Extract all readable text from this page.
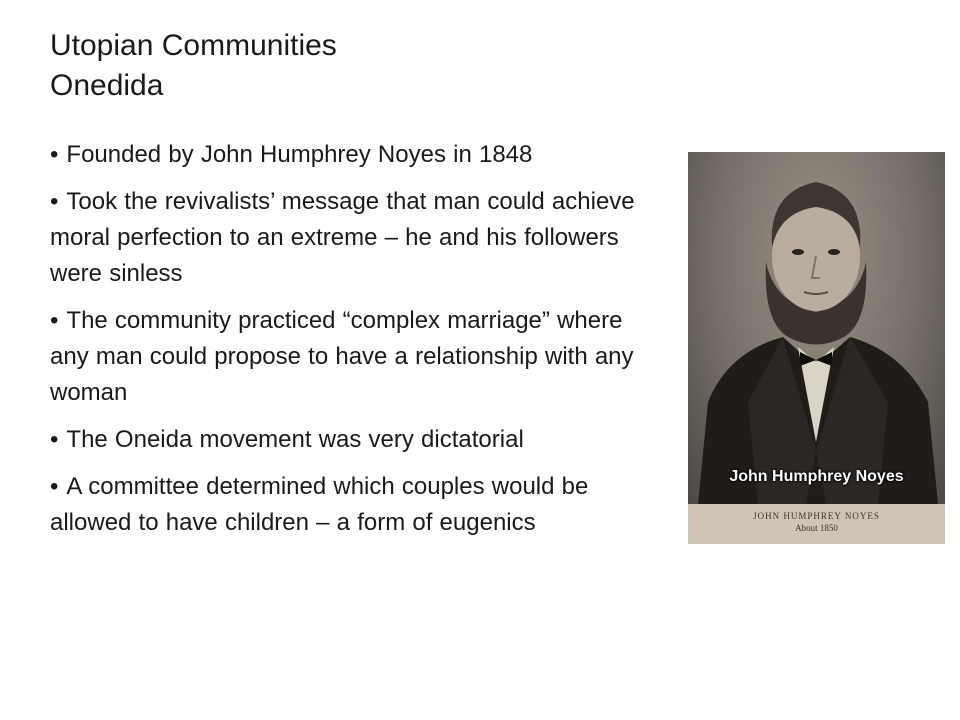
Utopian Communities
Onedida
• Founded by John Humphrey Noyes in 1848
• Took the revivalists’ message that man could achieve moral perfection to an extreme – he and his followers were sinless
• The community practiced “complex marriage” where any man could propose to have a relationship with any woman
• The Oneida movement was very dictatorial
• A committee determined which couples would be allowed to have children – a form of eugenics
John Humphrey Noyes
JOHN HUMPHREY NOYES
About 1850
